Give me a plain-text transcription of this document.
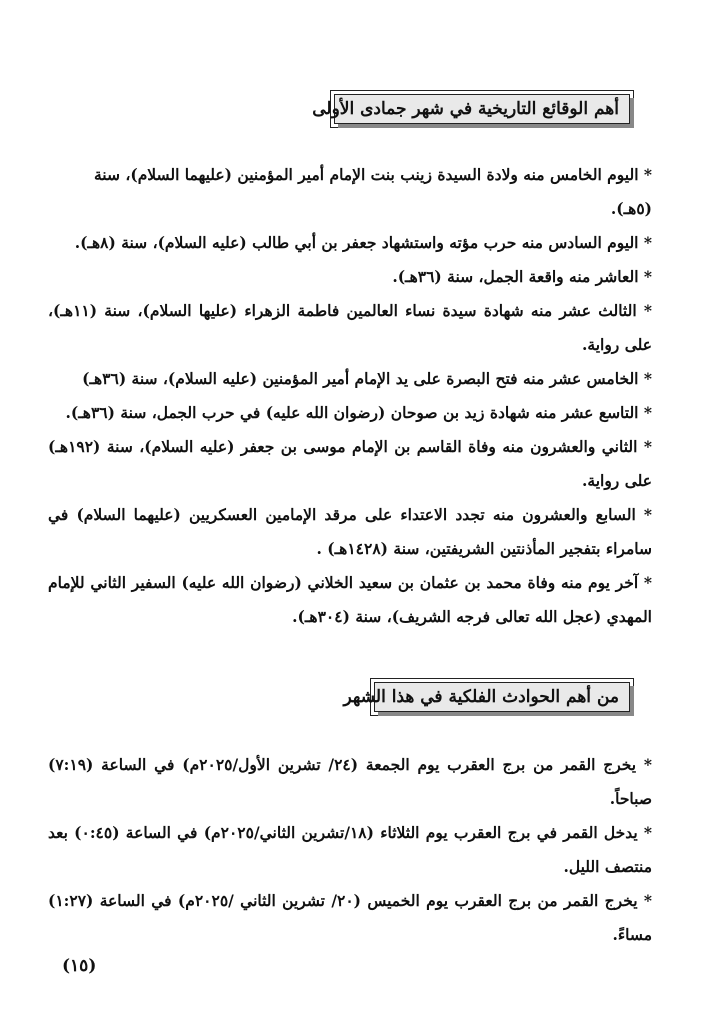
أهم الوقائع التاريخية في شهر جمادى الأولى

* اليوم الخامس منه ولادة السيدة زينب بنت الإمام أمير المؤمنين (عليهما السلام)، سنة (٥هـ).

* اليوم السادس منه حرب مؤته واستشهاد جعفر بن أبي طالب (عليه السلام)، سنة (٨هـ).

* العاشر منه واقعة الجمل، سنة (٣٦هـ).

* الثالث عشر منه شهادة سيدة نساء العالمين فاطمة الزهراء (عليها السلام)، سنة (١١هـ)، على رواية.

* الخامس عشر منه فتح البصرة على يد الإمام أمير المؤمنين (عليه السلام)، سنة (٣٦هـ)

* التاسع عشر منه شهادة زيد بن صوحان (رضوان الله عليه) في حرب الجمل، سنة (٣٦هـ).

* الثاني والعشرون منه وفاة القاسم بن الإمام موسى بن جعفر (عليه السلام)، سنة (١٩٢هـ) على رواية.

* السابع والعشرون منه تجدد الاعتداء على مرقد الإمامين العسكريين (عليهما السلام) في سامراء بتفجير المأذنتين الشريفتين، سنة (١٤٢٨هـ) .

* آخر يوم منه وفاة محمد بن عثمان بن سعيد الخلاني (رضوان الله عليه) السفير الثاني للإمام المهدي (عجل الله تعالى فرجه الشريف)، سنة (٣٠٤هـ).

من أهم الحوادث الفلكية في هذا الشهر

* يخرج القمر من برج العقرب يوم الجمعة (٢٤/ تشرين الأول/٢٠٢٥م) في الساعة (٧:١٩) صباحاً.

* يدخل القمر في برج العقرب يوم الثلاثاء (١٨/تشرين الثاني/٢٠٢٥م) في الساعة (٠:٤٥) بعد منتصف الليل.

* يخرج القمر من برج العقرب يوم الخميس (٢٠/ تشرين الثاني /٢٠٢٥م) في الساعة (١:٢٧) مساءً.

(١٥)
